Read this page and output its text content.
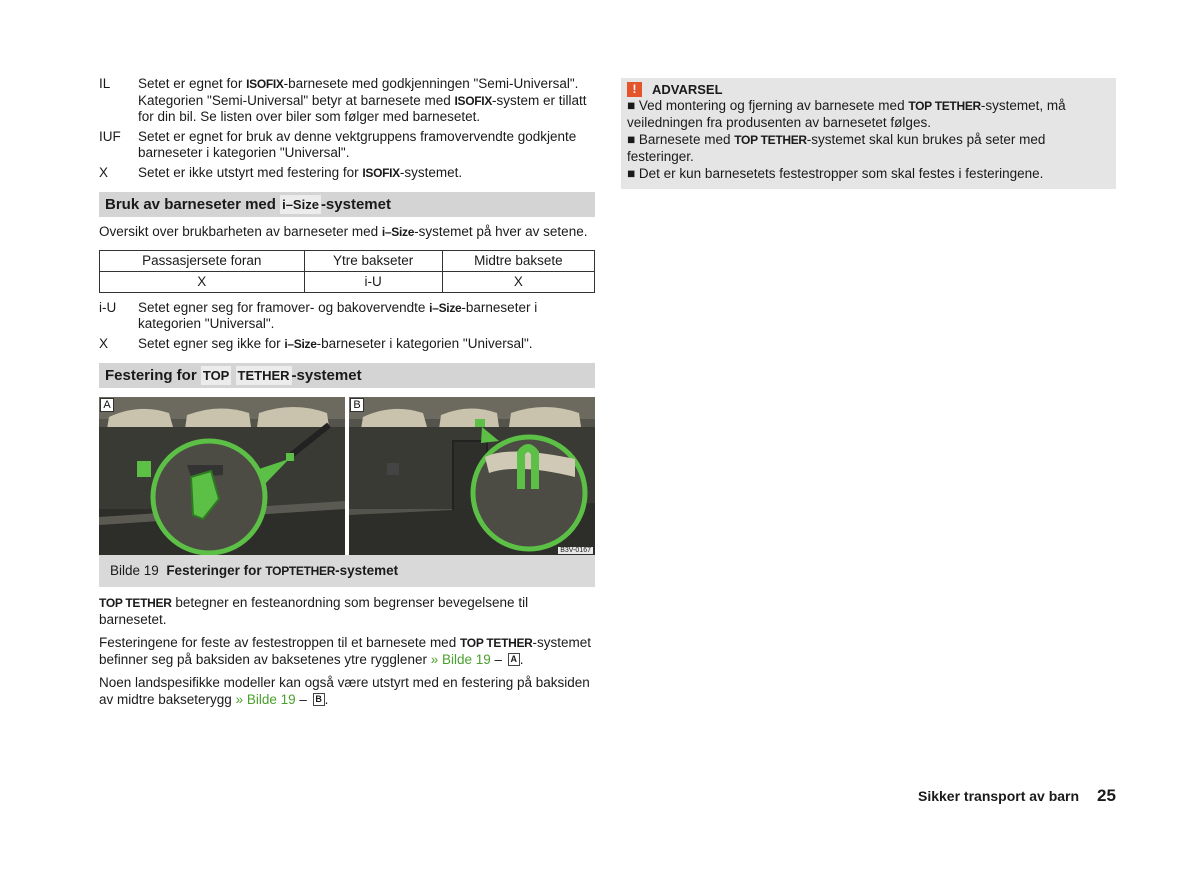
IL	Setet er egnet for ISOFIX-barnesete med godkjenningen "Semi-Universal". Kategorien "Semi-Universal" betyr at barnesete med ISOFIX-system er tillatt for din bil. Se listen over biler som følger med barnesetet.
IUF	Setet er egnet for bruk av denne vektgruppens framovervendte godkjente barneseter i kategorien "Universal".
X	Setet er ikke utstyrt med festering for ISOFIX-systemet.
Bruk av barneseter med i–Size -systemet

Oversikt over brukbarheten av barneseter med i–Size-systemet på hver av setene.

Passasjersete foran	Ytre bakseter	Midtre baksete
X	i-U	X
i-U	Setet egner seg for framover- og bakovervendte i–Size-barneseter i kategorien "Universal".
X	Setet egner seg ikke for i–Size-barneseter i kategorien "Universal".
Festering for TOP TETHER -systemet
A	B
B3V-0167
Bilde 19 Festeringer for TOPTETHER-systemet

TOP TETHER betegner en festeanordning som begrenser bevegelsene til barnesetet.

Festeringene for feste av festestroppen til et barnesete med TOP TETHER-systemet befinner seg på baksiden av baksetenes ytre rygglener » Bilde 19 – A .

Noen landspesifikke modeller kan også være utstyrt med en festering på baksiden av midtre bakseterygg » Bilde 19 – B .

!	ADVARSEL
■ Ved montering og fjerning av barnesete med TOP TETHER-systemet, må veiledningen fra produsenten av barnesetet følges.
■ Barnesete med TOP TETHER-systemet skal kun brukes på seter med festeringer.
■ Det er kun barnesetets festestropper som skal festes i festeringene.
Sikker transport av barn 25
